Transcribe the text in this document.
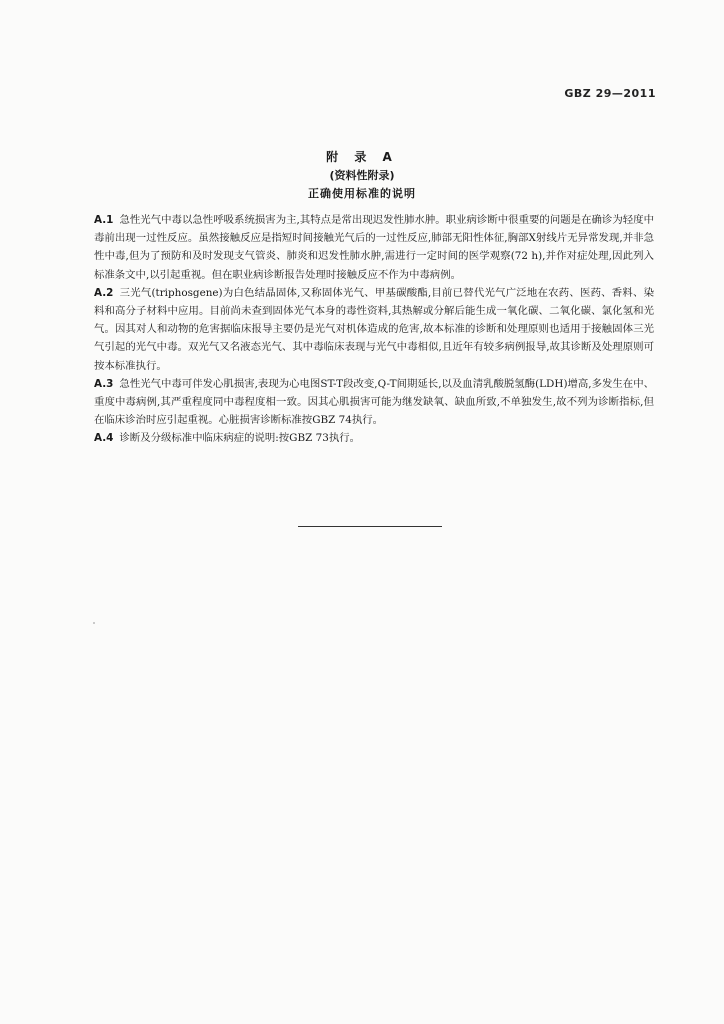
GBZ 29—2011
附 录 A
(资料性附录)
正确使用标准的说明

A.1 急性光气中毒以急性呼吸系统损害为主,其特点是常出现迟发性肺水肿。职业病诊断中很重要的问题是在确诊为轻度中毒前出现一过性反应。虽然接触反应是指短时间接触光气后的一过性反应,肺部无阳性体征,胸部X射线片无异常发现,并非急性中毒,但为了预防和及时发现支气管炎、肺炎和迟发性肺水肿,需进行一定时间的医学观察(72 h),并作对症处理,因此列入标准条文中,以引起重视。但在职业病诊断报告处理时接触反应不作为中毒病例。

A.2 三光气(triphosgene)为白色结晶固体,又称固体光气、甲基碳酸酯,目前已替代光气广泛地在农药、医药、香料、染料和高分子材料中应用。目前尚未查到固体光气本身的毒性资料,其热解或分解后能生成一氧化碳、二氧化碳、氯化氢和光气。因其对人和动物的危害据临床报导主要仍是光气对机体造成的危害,故本标准的诊断和处理原则也适用于接触固体三光气引起的光气中毒。双光气又名液态光气、其中毒临床表现与光气中毒相似,且近年有较多病例报导,故其诊断及处理原则可按本标准执行。

A.3 急性光气中毒可伴发心肌损害,表现为心电图ST-T段改变,Q-T间期延长,以及血清乳酸脱氢酶(LDH)增高,多发生在中、重度中毒病例,其严重程度同中毒程度相一致。因其心肌损害可能为继发缺氧、缺血所致,不单独发生,故不列为诊断指标,但在临床诊治时应引起重视。心脏损害诊断标准按GBZ 74执行。

A.4 诊断及分级标准中临床病症的说明:按GBZ 73执行。
